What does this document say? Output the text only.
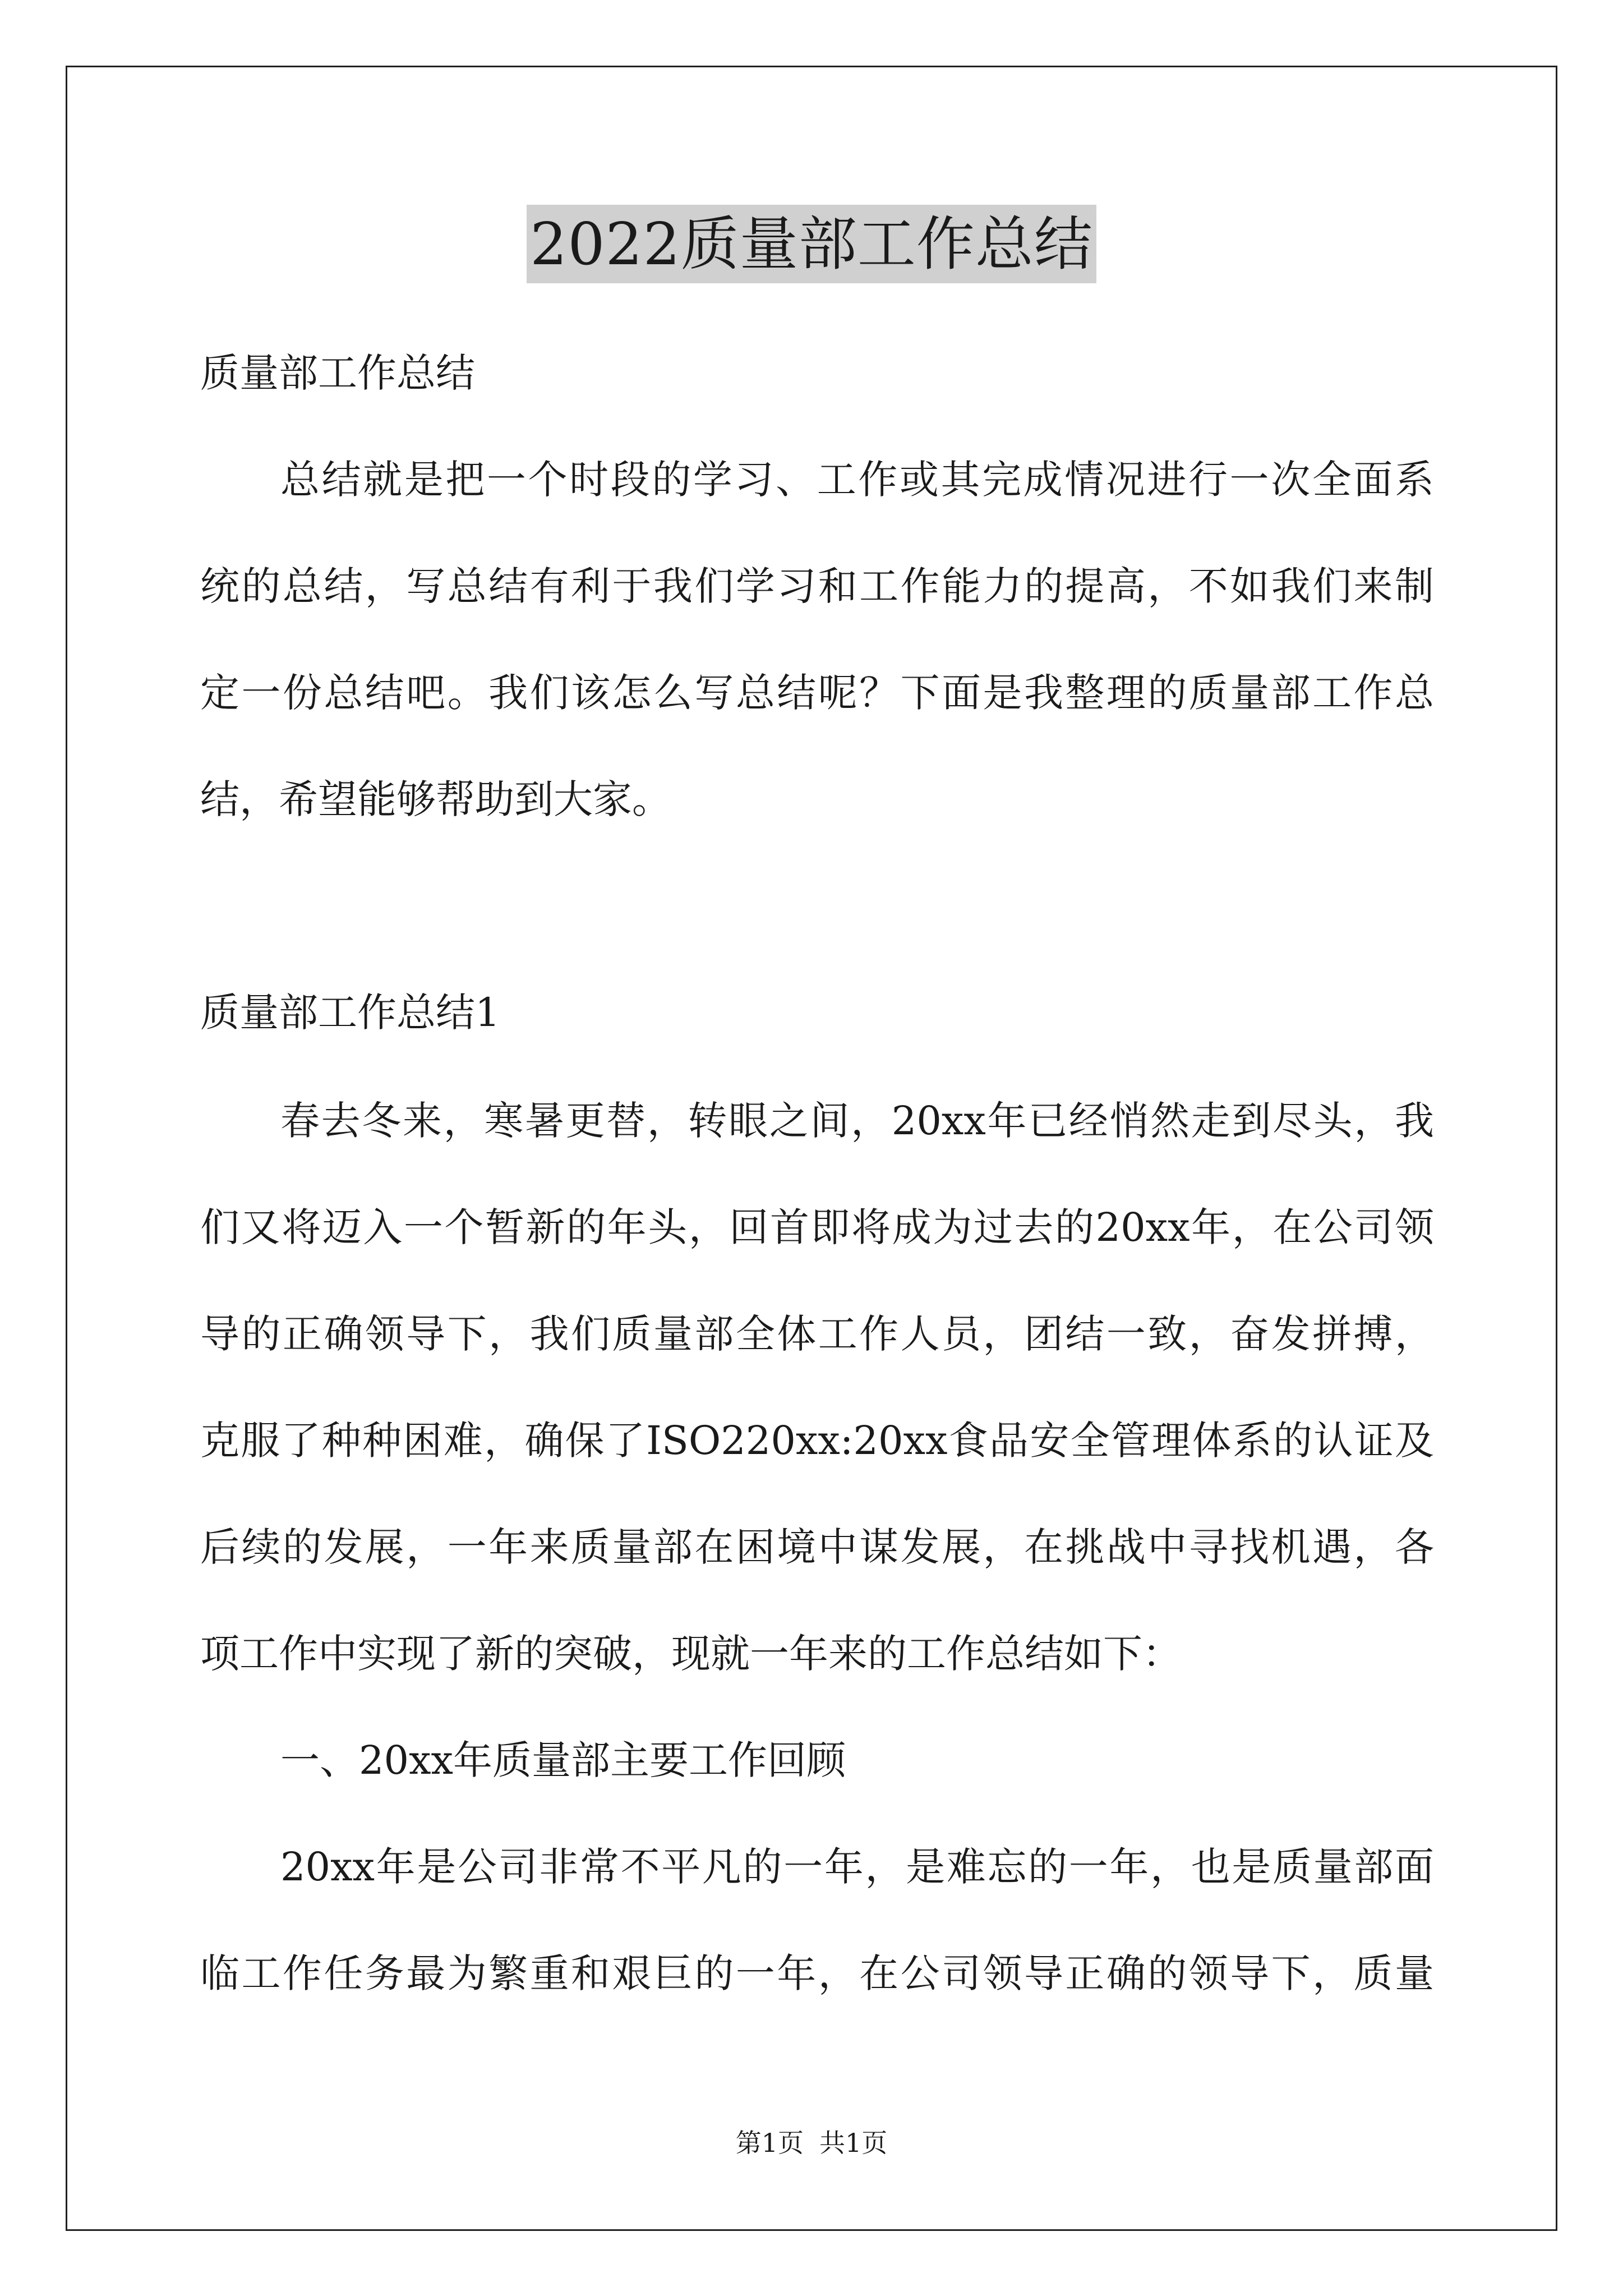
2022质量部工作总结
质量部工作总结
总结就是把一个时段的学习、工作或其完成情况进行一次全面系
统的总结，写总结有利于我们学习和工作能力的提高，不如我们来制
定一份总结吧。我们该怎么写总结呢？下面是我整理的质量部工作总
结，希望能够帮助到大家。
质量部工作总结1
春去冬来，寒暑更替，转眼之间，20xx年已经悄然走到尽头，我
们又将迈入一个暂新的年头，回首即将成为过去的20xx年，在公司领
导的正确领导下，我们质量部全体工作人员，团结一致，奋发拼搏，
克服了种种困难，确保了ISO220xx:20xx食品安全管理体系的认证及
后续的发展，一年来质量部在困境中谋发展，在挑战中寻找机遇，各
项工作中实现了新的突破，现就一年来的工作总结如下：
一、20xx年质量部主要工作回顾
20xx年是公司非常不平凡的一年，是难忘的一年，也是质量部面
临工作任务最为繁重和艰巨的一年，在公司领导正确的领导下，质量
第1页 共1页
